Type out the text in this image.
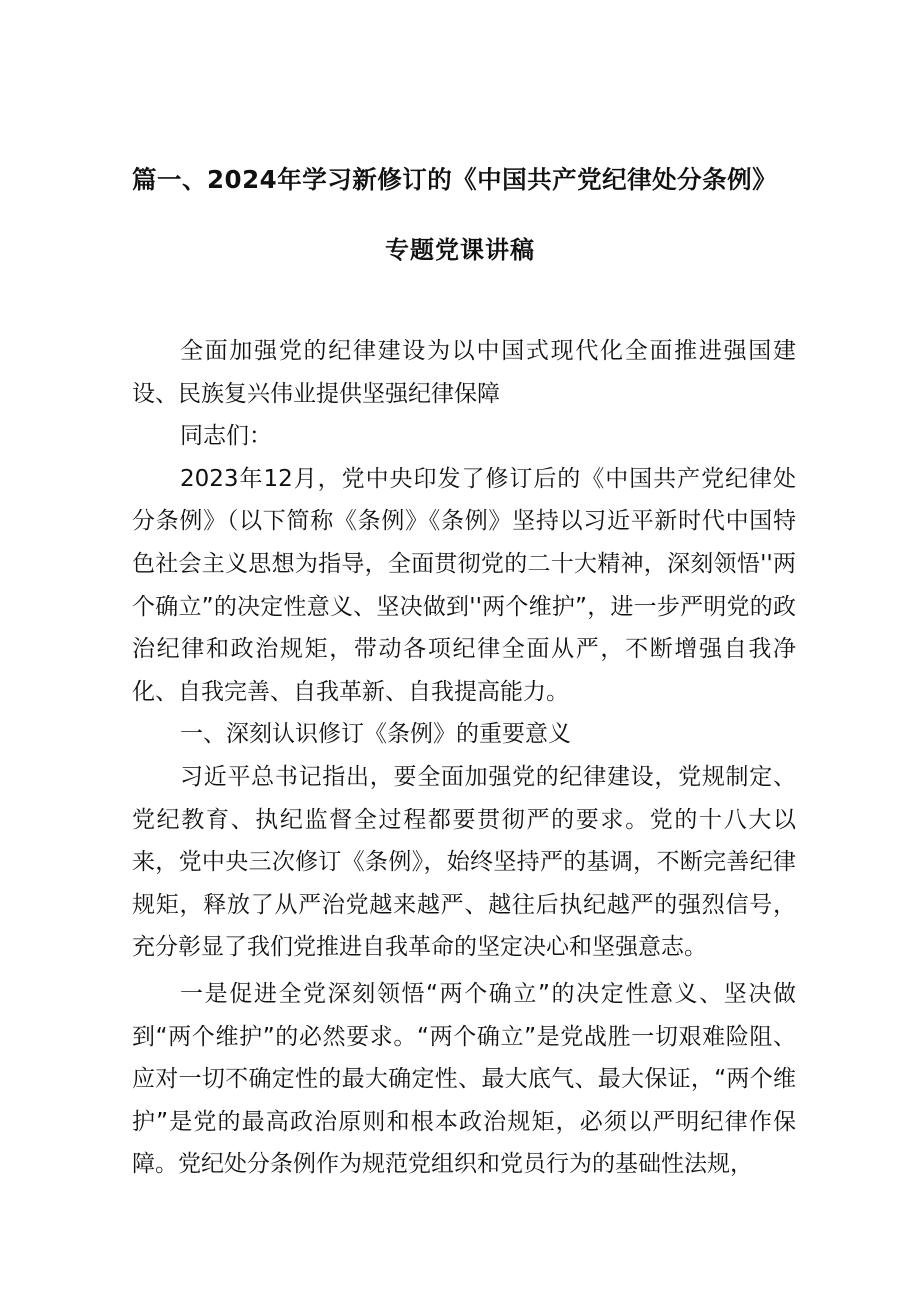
篇一、2024年学习新修订的《中国共产党纪律处分条例》
专题党课讲稿

全面加强党的纪律建设为以中国式现代化全面推进强国建设、民族复兴伟业提供坚强纪律保障

同志们：

2023年12月，党中央印发了修订后的《中国共产党纪律处分条例》（以下简称《条例》《条例》坚持以习近平新时代中国特色社会主义思想为指导，全面贯彻党的二十大精神，深刻领悟''两个确立”的决定性意义、坚决做到''两个维护”，进一步严明党的政治纪律和政治规矩，带动各项纪律全面从严，不断增强自我净化、自我完善、自我革新、自我提高能力。

一、深刻认识修订《条例》的重要意义

习近平总书记指出，要全面加强党的纪律建设，党规制定、党纪教育、执纪监督全过程都要贯彻严的要求。党的十八大以来，党中央三次修订《条例》，始终坚持严的基调，不断完善纪律规矩，释放了从严治党越来越严、越往后执纪越严的强烈信号，充分彰显了我们党推进自我革命的坚定决心和坚强意志。

一是促进全党深刻领悟“两个确立”的决定性意义、坚决做到“两个维护”的必然要求。“两个确立”是党战胜一切艰难险阻、应对一切不确定性的最大确定性、最大底气、最大保证，“两个维护”是党的最高政治原则和根本政治规矩，必须以严明纪律作保障。党纪处分条例作为规范党组织和党员行为的基础性法规，
